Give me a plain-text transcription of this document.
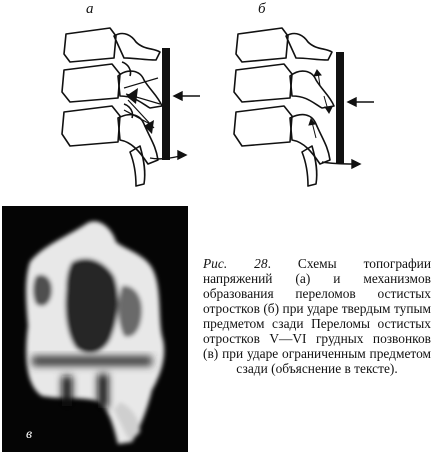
а	б
в
Рис. 28. Схемы топографии напряжений (а) и механизмов образования переломов остистых отростков (б) при ударе твердым тупым предметом сзади Переломы остистых отростков V—VI грудных позвонков (в) при ударе ограниченным предметом сзади (объяснение в тексте).
